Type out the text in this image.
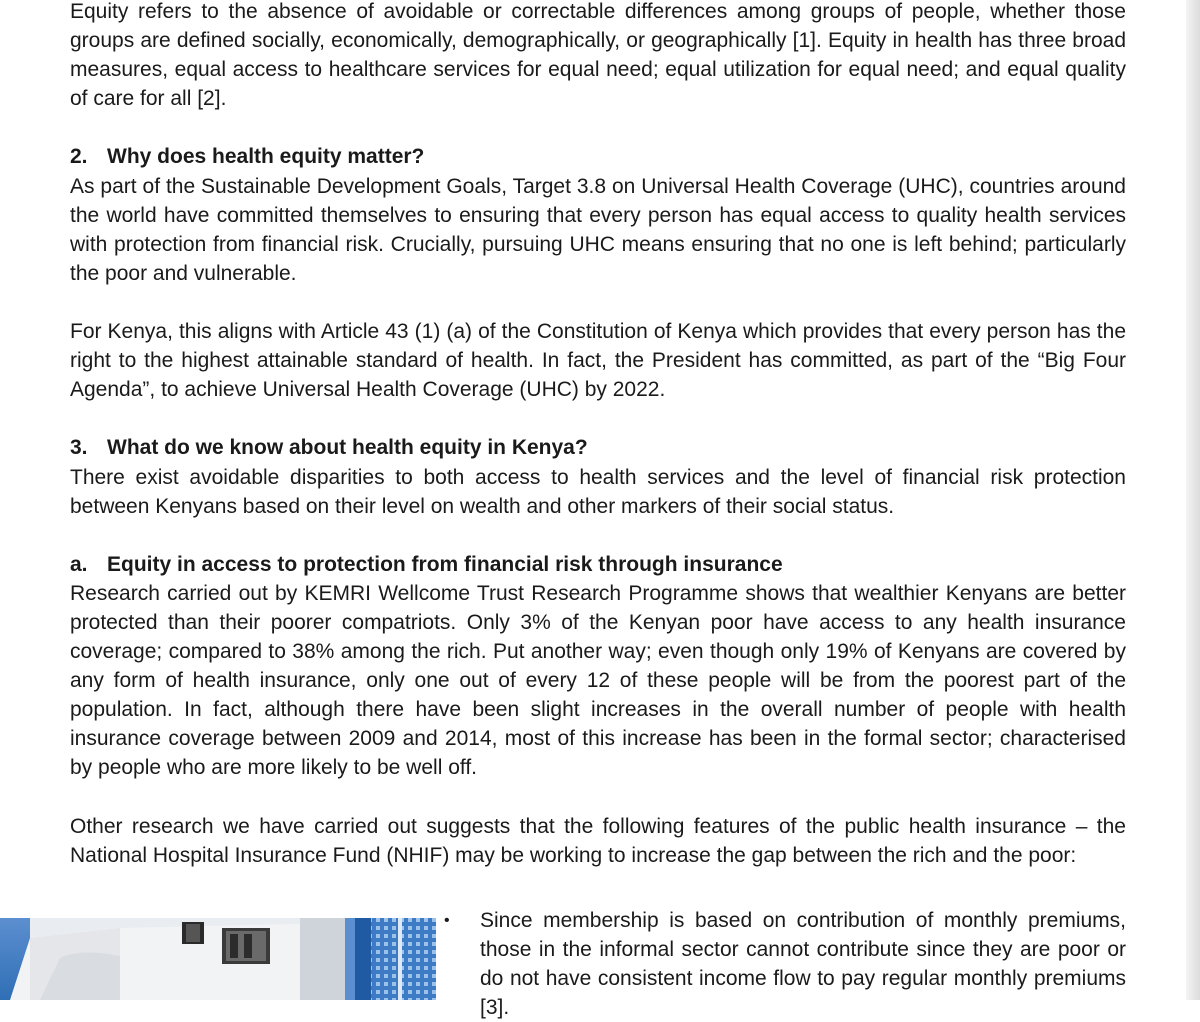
Equity refers to the absence of avoidable or correctable differences among groups of people, whether those groups are defined socially, economically, demographically, or geographically [1]. Equity in health has three broad measures, equal access to healthcare services for equal need; equal utilization for equal need; and equal quality of care for all [2].

2. Why does health equity matter?

As part of the Sustainable Development Goals, Target 3.8 on Universal Health Coverage (UHC), countries around the world have committed themselves to ensuring that every person has equal access to quality health services with protection from financial risk. Crucially, pursuing UHC means ensuring that no one is left behind; particularly the poor and vulnerable.

For Kenya, this aligns with Article 43 (1) (a) of the Constitution of Kenya which provides that every person has the right to the highest attainable standard of health. In fact, the President has committed, as part of the “Big Four Agenda”, to achieve Universal Health Coverage (UHC) by 2022.

3. What do we know about health equity in Kenya?

There exist avoidable disparities to both access to health services and the level of financial risk protection between Kenyans based on their level on wealth and other markers of their social status.

a. Equity in access to protection from financial risk through insurance

Research carried out by KEMRI Wellcome Trust Research Programme shows that wealthier Kenyans are better protected than their poorer compatriots. Only 3% of the Kenyan poor have access to any health insurance coverage; compared to 38% among the rich. Put another way; even though only 19% of Kenyans are covered by any form of health insurance, only one out of every 12 of these people will be from the poorest part of the population. In fact, although there have been slight increases in the overall number of people with health insurance coverage between 2009 and 2014, most of this increase has been in the formal sector; characterised by people who are more likely to be well off.

Other research we have carried out suggests that the following features of the public health insurance – the National Hospital Insurance Fund (NHIF) may be working to increase the gap between the rich and the poor:

•	Since membership is based on contribution of monthly premiums, those in the informal sector cannot contribute since they are poor or do not have consistent income flow to pay regular monthly premiums [3].
